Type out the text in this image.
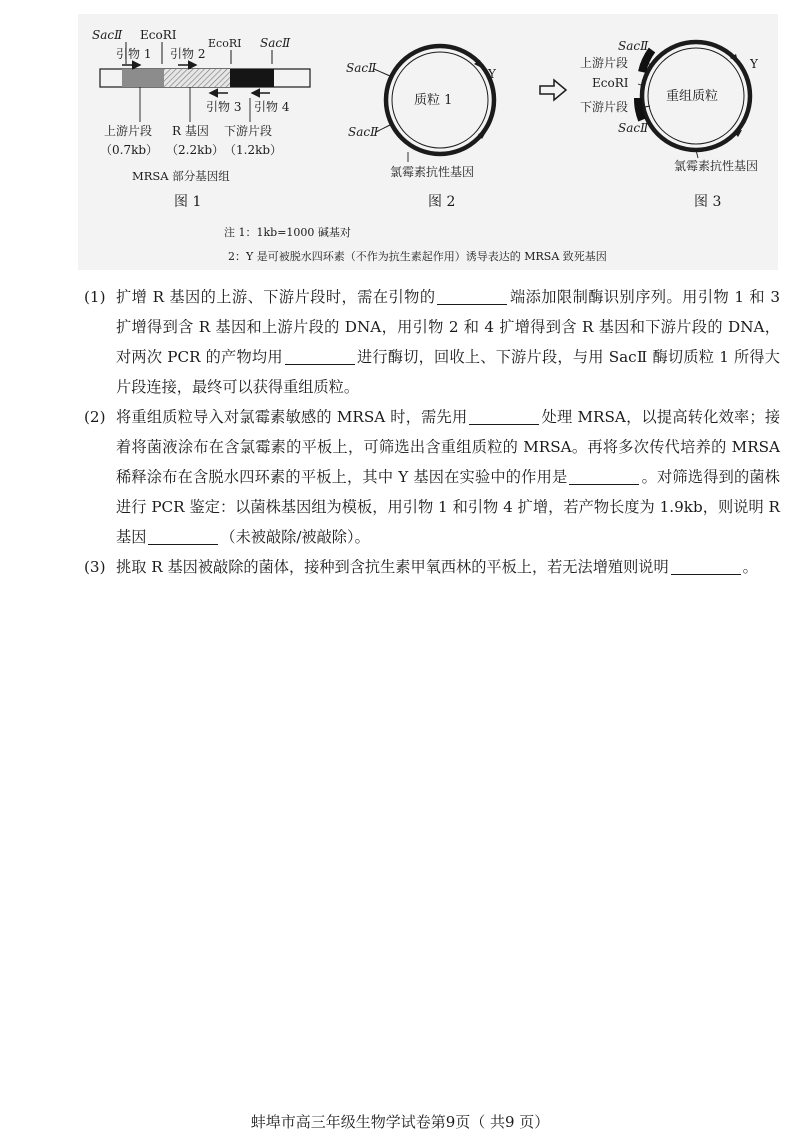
SacⅡ EcoRⅠ
EcoRⅠ SacⅡ
引物 1 引物 2
引物 3 引物 4
上游片段 R 基因 下游片段
（0.7kb） （2.2kb） （1.2kb）
MRSA 部分基因组
图 1
质粒 1
SacⅡ
SacⅡ
Y
氯霉素抗性基因
图 2
重组质粒
SacⅡ
上游片段
EcoRⅠ
下游片段
SacⅡ
Y
氯霉素抗性基因
图 3
注 1：1kb=1000 碱基对
2：Y 是可被脱水四环素（不作为抗生素起作用）诱导表达的 MRSA 致死基因

(1) 扩增 R 基因的上游、下游片段时，需在引物的	端添加限制酶识别序列。用引物 1 和 3 扩增得到含 R 基因和上游片段的 DNA，用引物 2 和 4 扩增得到含 R 基因和下游片段的 DNA，对两次 PCR 的产物均用	进行酶切，回收上、下游片段，与用 SacⅡ 酶切质粒 1 所得大片段连接，最终可以获得重组质粒。

(2) 将重组质粒导入对氯霉素敏感的 MRSA 时，需先用	处理 MRSA，以提高转化效率；接着将菌液涂布在含氯霉素的平板上，可筛选出含重组质粒的 MRSA。再将多次传代培养的 MRSA 稀释涂布在含脱水四环素的平板上，其中 Y 基因在实验中的作用是	。对筛选得到的菌株进行 PCR 鉴定：以菌株基因组为模板，用引物 1 和引物 4 扩增，若产物长度为 1.9kb，则说明 R 基因	（未被敲除/被敲除）。

(3) 挑取 R 基因被敲除的菌体，接种到含抗生素甲氧西林的平板上，若无法增殖则说明	。

蚌埠市高三年级生物学试卷第9页（ 共9 页）
